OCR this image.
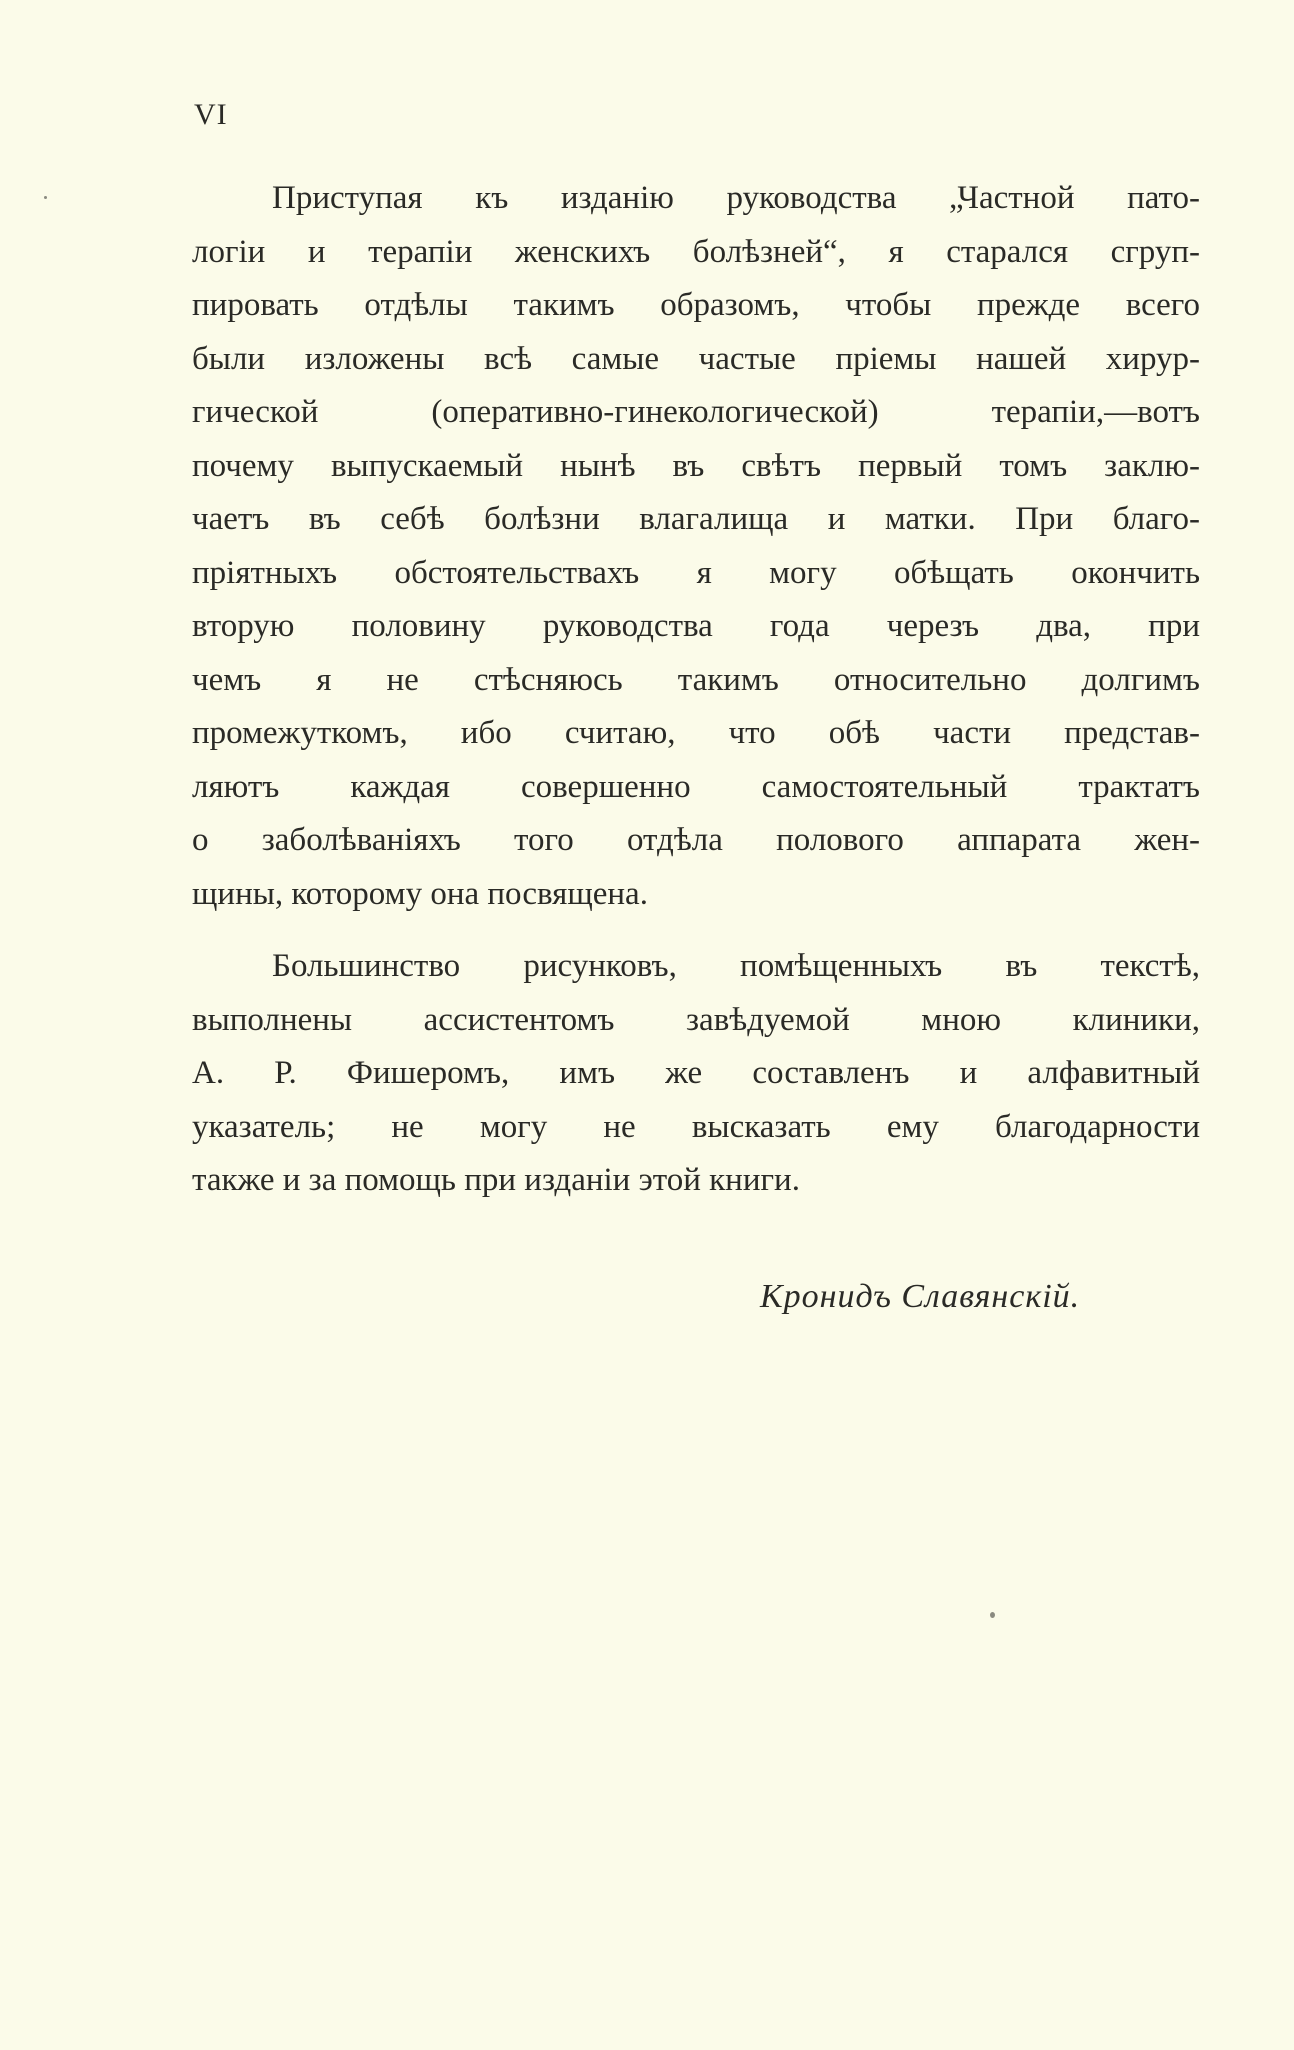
VI
Приступая къ изданiю руководства „Частной пато-
логiи и терапiи женскихъ болѣзней“, я старался сгруп-
пировать отдѣлы такимъ образомъ, чтобы прежде всего
были изложены всѣ самые частые прiемы нашей хирур-
гической (оперативно-гинекологической) терапiи,—вотъ
почему выпускаемый нынѣ въ свѣтъ первый томъ заклю-
чаетъ въ себѣ болѣзни влагалища и матки. При благо-
прiятныхъ обстоятельствахъ я могу обѣщать окончить
вторую половину руководства года черезъ два, при
чемъ я не стѣсняюсь такимъ относительно долгимъ
промежуткомъ, ибо считаю, что обѣ части представ-
ляютъ каждая совершенно самостоятельный трактатъ
о заболѣванiяхъ того отдѣла полового аппарата жен-
щины, которому она посвящена.
Большинство рисунковъ, помѣщенныхъ въ текстѣ,
выполнены ассистентомъ завѣдуемой мною клиники,
А. Р. Фишеромъ, имъ же составленъ и алфавитный
указатель; не могу не высказать ему благодарности
также и за помощь при изданiи этой книги.
Кронидъ Славянскiй.
